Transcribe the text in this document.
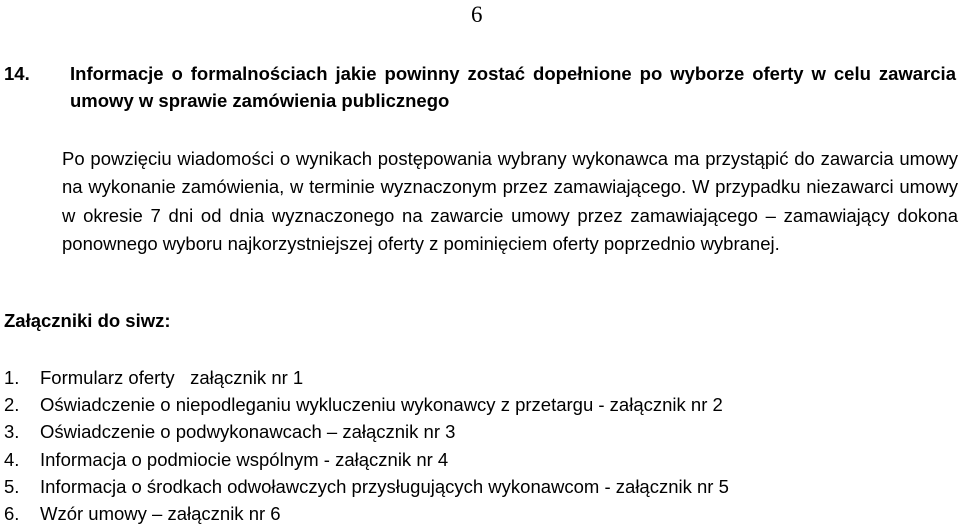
6
14. Informacje o formalnościach jakie powinny zostać dopełnione po wyborze oferty w celu zawarcia umowy w sprawie zamówienia publicznego
Po powzięciu wiadomości o wynikach postępowania wybrany wykonawca ma przystąpić do zawarcia umowy na wykonanie zamówienia, w terminie wyznaczonym przez zamawiającego. W przypadku niezawarci umowy w okresie 7 dni od dnia wyznaczonego na zawarcie umowy przez zamawiającego – zamawiający dokona ponownego wyboru najkorzystniejszej oferty z pominięciem oferty poprzednio wybranej.
Załączniki do siwz:
1. Formularz oferty   załącznik nr 1
2. Oświadczenie o niepodleganiu wykluczeniu wykonawcy z przetargu - załącznik nr 2
3. Oświadczenie o podwykonawcach – załącznik nr 3
4. Informacja o podmiocie wspólnym - załącznik nr 4
5. Informacja o środkach odwoławczych przysługujących wykonawcom - załącznik nr 5
6. Wzór umowy – załącznik nr 6
